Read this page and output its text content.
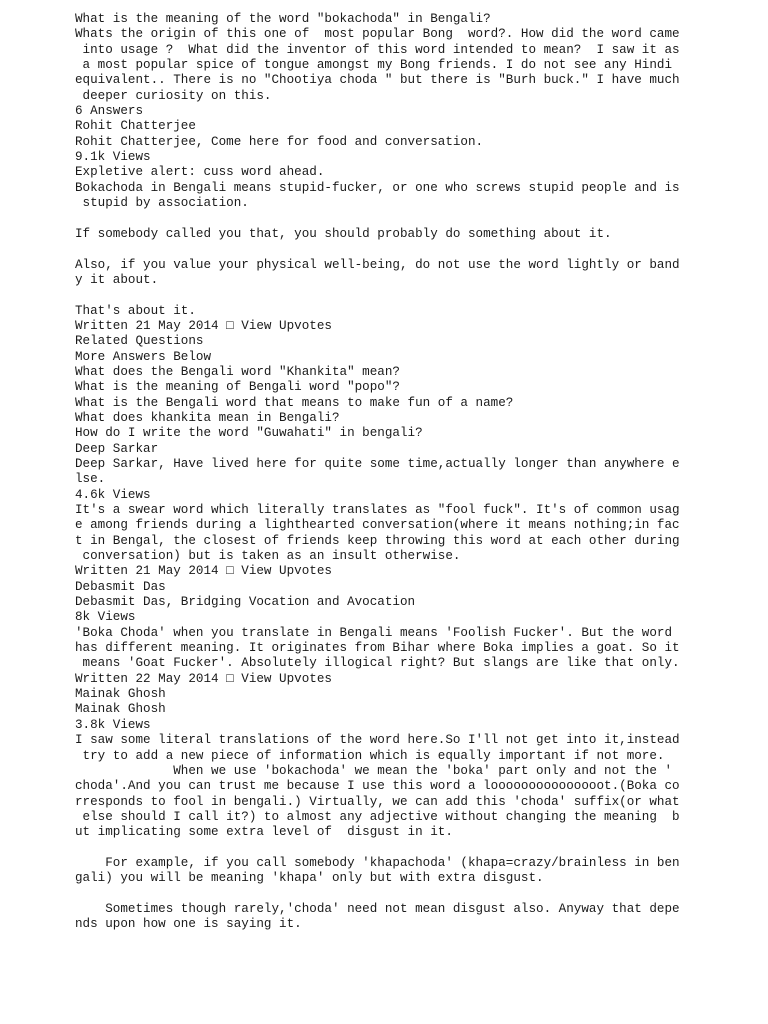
What is the meaning of the word "bokachoda" in Bengali?
Whats the origin of this one of  most popular Bong  word?. How did the word came
into usage ?  What did the inventor of this word intended to mean?  I saw it as
a most popular spice of tongue amongst my Bong friends. I do not see any Hindi
equivalent.. There is no "Chootiya choda " but there is "Burh buck." I have much
deeper curiosity on this.
6 Answers
Rohit Chatterjee
Rohit Chatterjee, Come here for food and conversation.
9.1k Views
Expletive alert: cuss word ahead.
Bokachoda in Bengali means stupid-fucker, or one who screws stupid people and is
stupid by association.
If somebody called you that, you should probably do something about it.
Also, if you value your physical well-being, do not use the word lightly or band
y it about.
That's about it.
Written 21 May 2014 □ View Upvotes
Related Questions
More Answers Below
What does the Bengali word "Khankita" mean?
What is the meaning of Bengali word "popo"?
What is the Bengali word that means to make fun of a name?
What does khankita mean in Bengali?
How do I write the word "Guwahati" in bengali?
Deep Sarkar
Deep Sarkar, Have lived here for quite some time,actually longer than anywhere e
lse.
4.6k Views
It's a swear word which literally translates as "fool fuck". It's of common usag
e among friends during a lighthearted conversation(where it means nothing;in fac
t in Bengal, the closest of friends keep throwing this word at each other during
conversation) but is taken as an insult otherwise.
Written 21 May 2014 □ View Upvotes
Debasmit Das
Debasmit Das, Bridging Vocation and Avocation
8k Views
'Boka Choda' when you translate in Bengali means 'Foolish Fucker'. But the word
has different meaning. It originates from Bihar where Boka implies a goat. So it
means 'Goat Fucker'. Absolutely illogical right? But slangs are like that only.
Written 22 May 2014 □ View Upvotes
Mainak Ghosh
Mainak Ghosh
3.8k Views
I saw some literal translations of the word here.So I'll not get into it,instead
try to add a new piece of information which is equally important if not more.
When we use 'bokachoda' we mean the 'boka' part only and not the '
choda'.And you can trust me because I use this word a looooooooooooooot.(Boka co
rresponds to fool in bengali.) Virtually, we can add this 'choda' suffix(or what
else should I call it?) to almost any adjective without changing the meaning  b
ut implicating some extra level of  disgust in it.
For example, if you call somebody 'khapachoda' (khapa=crazy/brainless in ben
gali) you will be meaning 'khapa' only but with extra disgust.
Sometimes though rarely,'choda' need not mean disgust also. Anyway that depe
nds upon how one is saying it.
